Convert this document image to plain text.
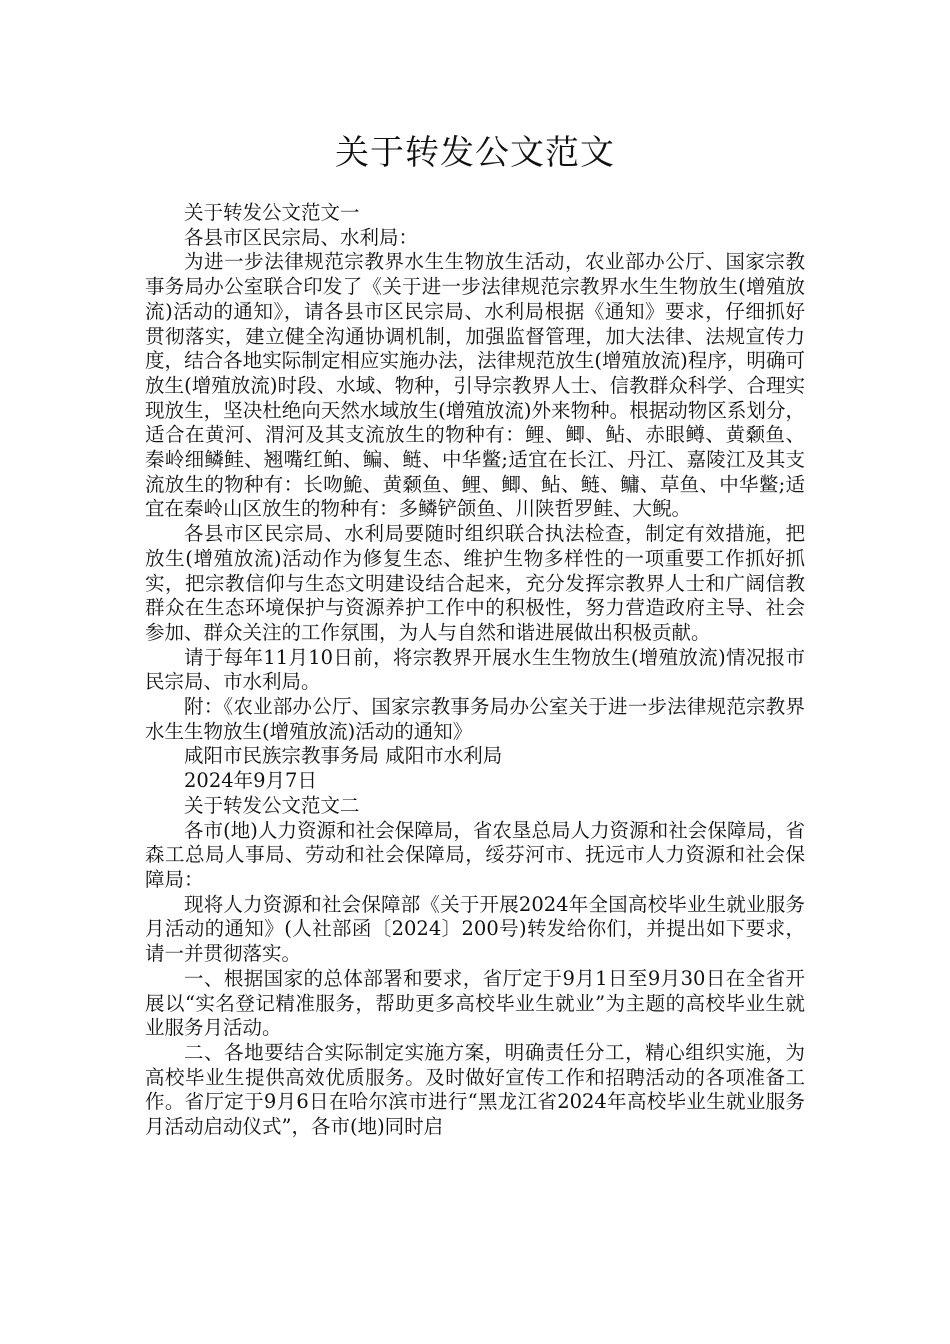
关于转发公文范文

关于转发公文范文一

各县市区民宗局、水利局：

为进一步法律规范宗教界水生生物放生活动，农业部办公厅、国家宗教事务局办公室联合印发了《关于进一步法律规范宗教界水生生物放生(增殖放流)活动的通知》，请各县市区民宗局、水利局根据《通知》要求，仔细抓好贯彻落实，建立健全沟通协调机制，加强监督管理，加大法律、法规宣传力度，结合各地实际制定相应实施办法，法律规范放生(增殖放流)程序，明确可放生(增殖放流)时段、水域、物种，引导宗教界人士、信教群众科学、合理实现放生，坚决杜绝向天然水域放生(增殖放流)外来物种。根据动物区系划分，适合在黄河、渭河及其支流放生的物种有：鲤、鲫、鲇、赤眼鳟、黄颡鱼、秦岭细鳞鲑、翘嘴红鲌、鳊、鲢、中华鳖;适宜在长江、丹江、嘉陵江及其支流放生的物种有：长吻鮠、黄颡鱼、鲤、鲫、鲇、鲢、鳙、草鱼、中华鳖;适宜在秦岭山区放生的物种有：多鳞铲颌鱼、川陕哲罗鲑、大鲵。

各县市区民宗局、水利局要随时组织联合执法检查，制定有效措施，把放生(增殖放流)活动作为修复生态、维护生物多样性的一项重要工作抓好抓实，把宗教信仰与生态文明建设结合起来，充分发挥宗教界人士和广阔信教群众在生态环境保护与资源养护工作中的积极性，努力营造政府主导、社会参加、群众关注的工作氛围，为人与自然和谐进展做出积极贡献。

请于每年11月10日前，将宗教界开展水生生物放生(增殖放流)情况报市民宗局、市水利局。

附：《农业部办公厅、国家宗教事务局办公室关于进一步法律规范宗教界水生生物放生(增殖放流)活动的通知》

咸阳市民族宗教事务局 咸阳市水利局

2024年9月7日

关于转发公文范文二

各市(地)人力资源和社会保障局，省农垦总局人力资源和社会保障局，省森工总局人事局、劳动和社会保障局，绥芬河市、抚远市人力资源和社会保障局：

现将人力资源和社会保障部《关于开展2024年全国高校毕业生就业服务月活动的通知》(人社部函〔2024〕200号)转发给你们，并提出如下要求，请一并贯彻落实。

一、根据国家的总体部署和要求，省厅定于9月1日至9月30日在全省开展以“实名登记精准服务，帮助更多高校毕业生就业”为主题的高校毕业生就业服务月活动。

二、各地要结合实际制定实施方案，明确责任分工，精心组织实施，为高校毕业生提供高效优质服务。及时做好宣传工作和招聘活动的各项准备工作。省厅定于9月6日在哈尔滨市进行“黑龙江省2024年高校毕业生就业服务月活动启动仪式”，各市(地)同时启
